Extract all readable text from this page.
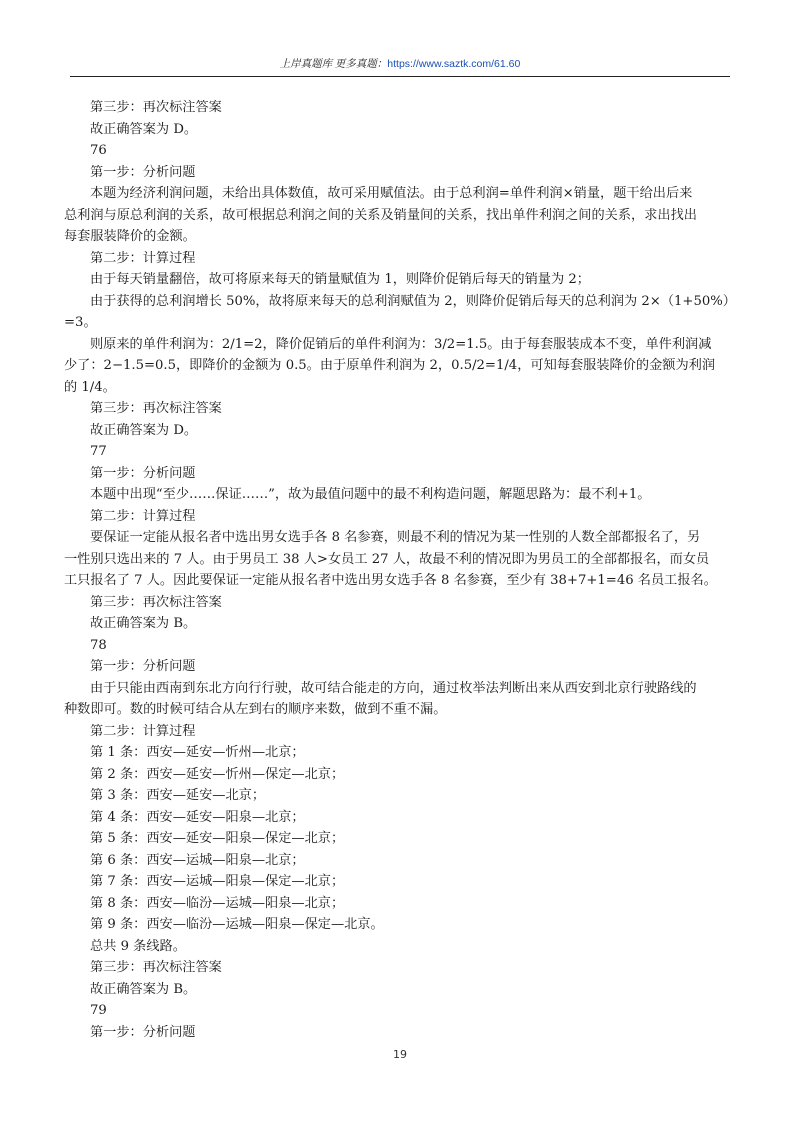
上岸真题库 更多真题：https://www.saztk.com/61.60

第三步：再次标注答案

故正确答案为 D。

76

第一步：分析问题

本题为经济利润问题，未给出具体数值，故可采用赋值法。由于总利润=单件利润×销量，题干给出后来

总利润与原总利润的关系，故可根据总利润之间的关系及销量间的关系，找出单件利润之间的关系，求出找出

每套服装降价的金额。

第二步：计算过程

由于每天销量翻倍，故可将原来每天的销量赋值为 1，则降价促销后每天的销量为 2；

由于获得的总利润增长 50%，故将原来每天的总利润赋值为 2，则降价促销后每天的总利润为 2×（1+50%）

=3。

则原来的单件利润为：2/1=2，降价促销后的单件利润为：3/2=1.5。由于每套服装成本不变，单件利润减

少了：2−1.5=0.5，即降价的金额为 0.5。由于原单件利润为 2，0.5/2=1/4，可知每套服装降价的金额为利润

的 1/4。

第三步：再次标注答案

故正确答案为 D。

77

第一步：分析问题

本题中出现“至少……保证……”，故为最值问题中的最不利构造问题，解题思路为：最不利+1。

第二步：计算过程

要保证一定能从报名者中选出男女选手各 8 名参赛，则最不利的情况为某一性别的人数全部都报名了，另

一性别只选出来的 7 人。由于男员工 38 人>女员工 27 人，故最不利的情况即为男员工的全部都报名，而女员

工只报名了 7 人。因此要保证一定能从报名者中选出男女选手各 8 名参赛，至少有 38+7+1=46 名员工报名。

第三步：再次标注答案

故正确答案为 B。

78

第一步：分析问题

由于只能由西南到东北方向行行驶，故可结合能走的方向，通过枚举法判断出来从西安到北京行驶路线的

种数即可。数的时候可结合从左到右的顺序来数，做到不重不漏。

第二步：计算过程

第 1 条：西安—延安—忻州—北京；

第 2 条：西安—延安—忻州—保定—北京；

第 3 条：西安—延安—北京；

第 4 条：西安—延安—阳泉—北京；

第 5 条：西安—延安—阳泉—保定—北京；

第 6 条：西安—运城—阳泉—北京；

第 7 条：西安—运城—阳泉—保定—北京；

第 8 条：西安—临汾—运城—阳泉—北京；

第 9 条：西安—临汾—运城—阳泉—保定—北京。

总共 9 条线路。

第三步：再次标注答案

故正确答案为 B。

79

第一步：分析问题

19
